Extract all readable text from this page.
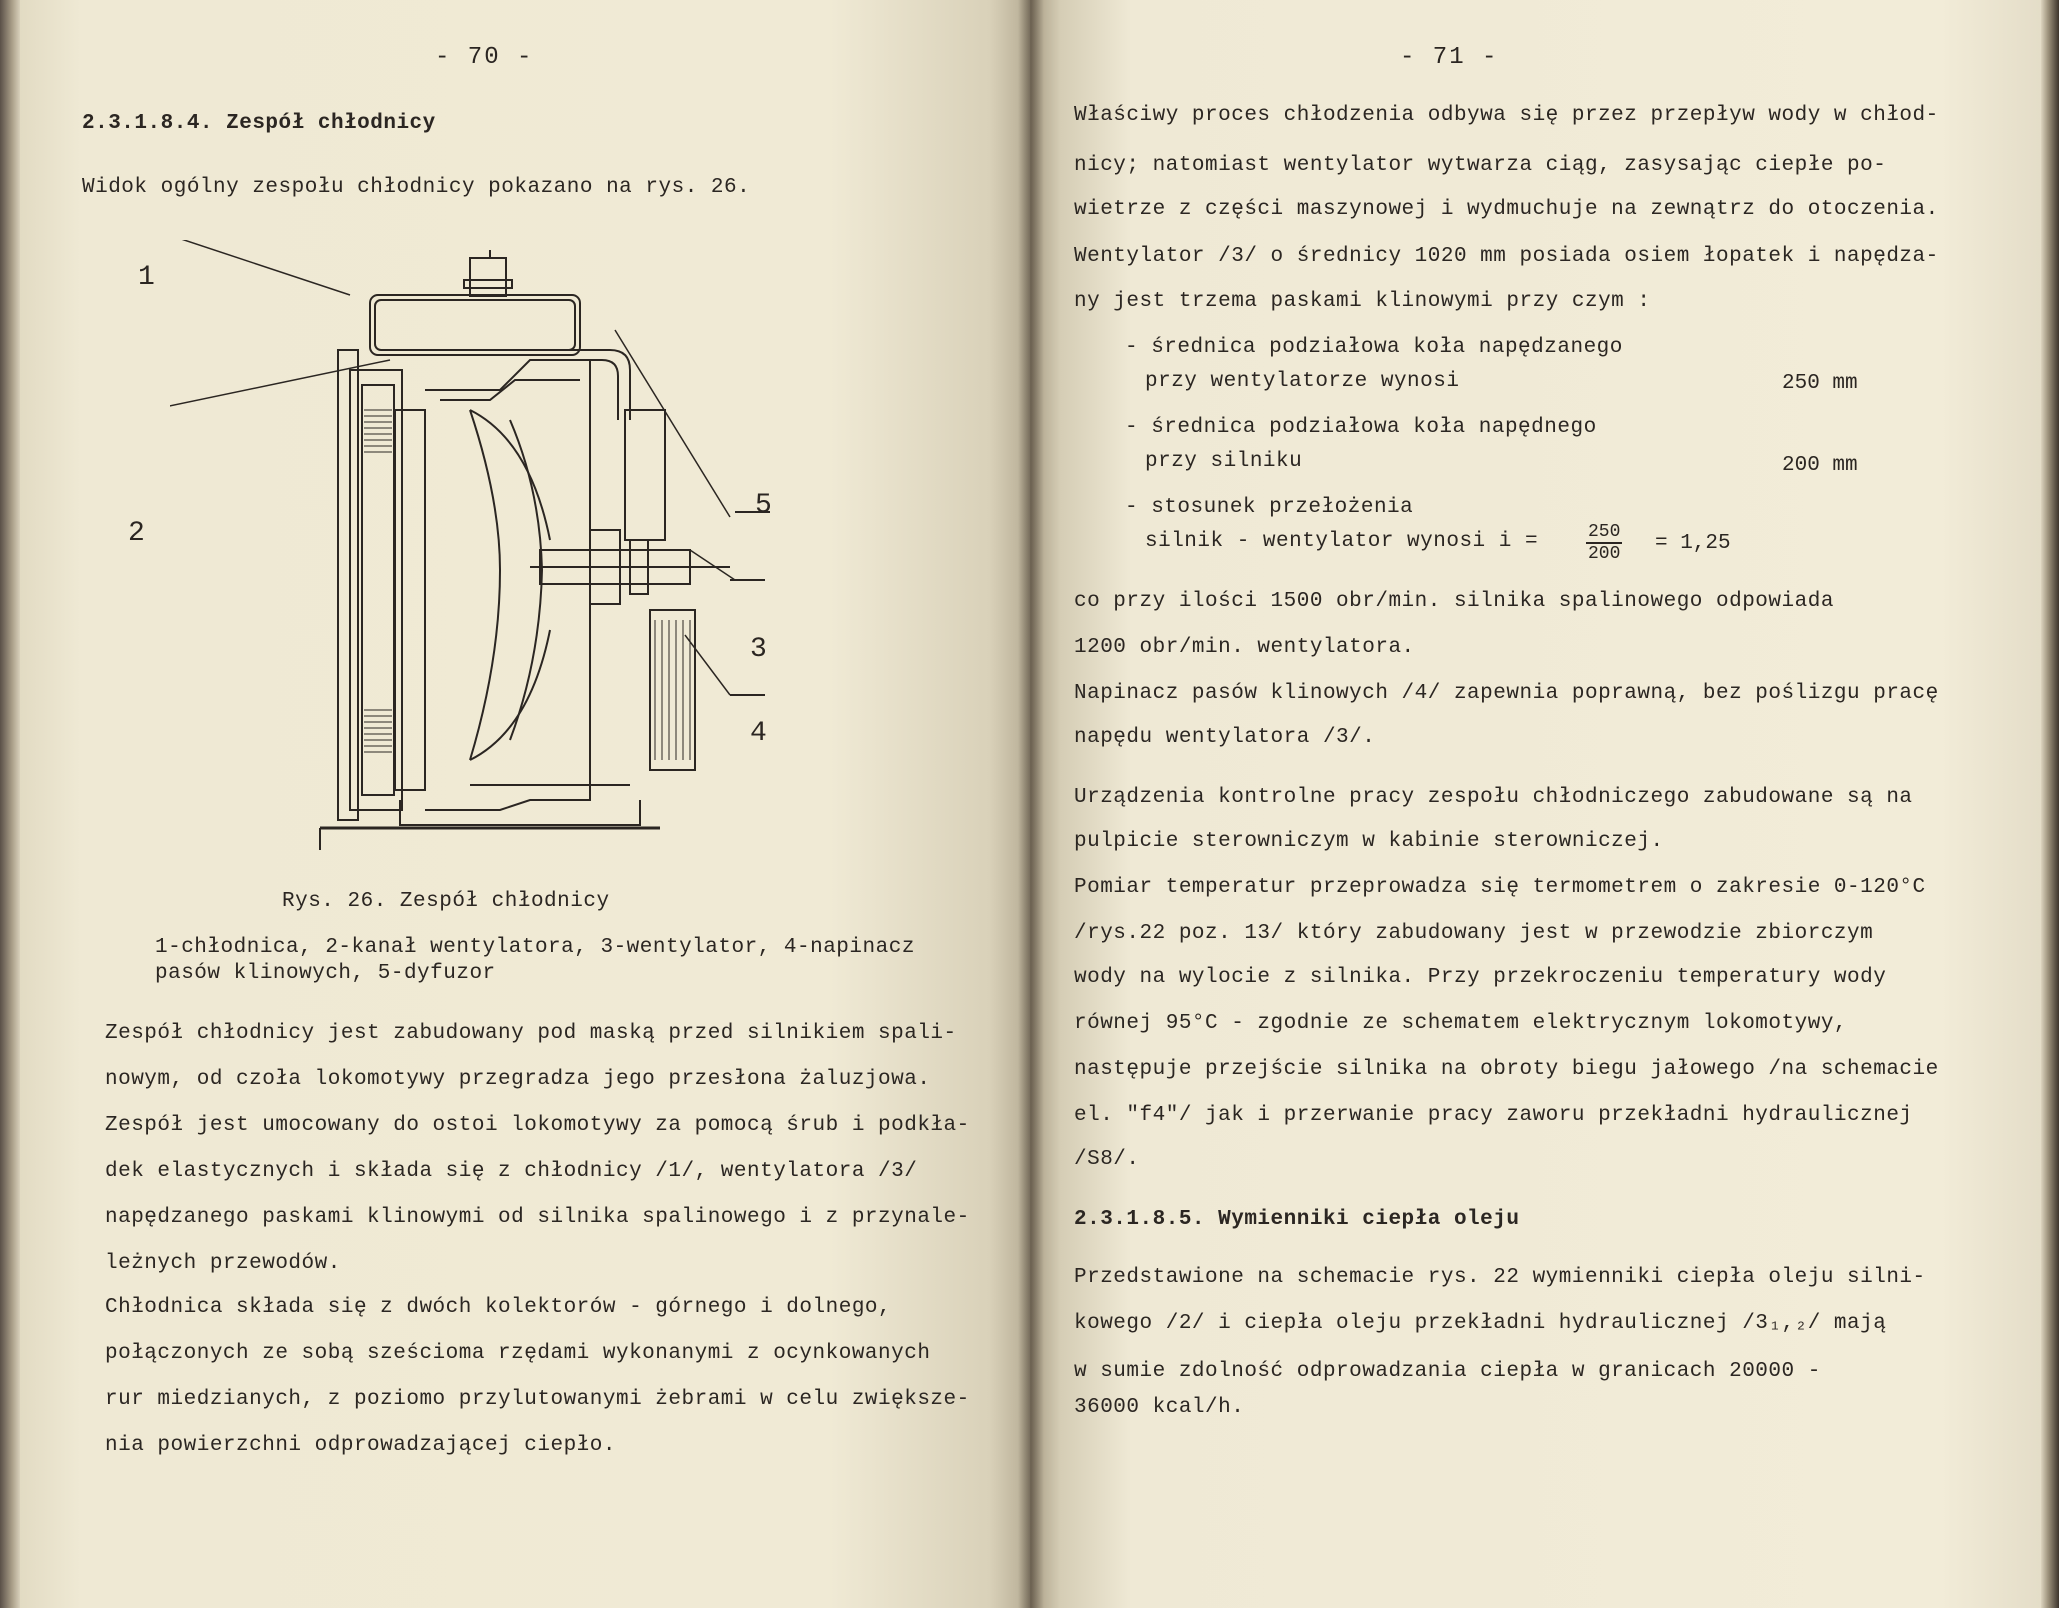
- 70 -
2.3.1.8.4. Zespół chłodnicy
Widok ogólny zespołu chłodnicy pokazano na rys. 26.
1
2
3
4
5
Rys. 26. Zespół chłodnicy
1-chłodnica, 2-kanał wentylatora, 3-wentylator, 4-napinacz
pasów klinowych, 5-dyfuzor
Zespół chłodnicy jest zabudowany pod maską przed silnikiem spali-
nowym, od czoła lokomotywy przegradza jego przesłona żaluzjowa.
Zespół jest umocowany do ostoi lokomotywy za pomocą śrub i podkła-
dek elastycznych i składa się z chłodnicy /1/, wentylatora /3/
napędzanego paskami klinowymi od silnika spalinowego i z przynale-
leżnych przewodów.
Chłodnica składa się z dwóch kolektorów - górnego i dolnego,
połączonych ze sobą sześcioma rzędami wykonanymi z ocynkowanych
rur miedzianych, z poziomo przylutowanymi żebrami w celu zwiększe-
nia powierzchni odprowadzającej ciepło.
- 71 -
Właściwy proces chłodzenia odbywa się przez przepływ wody w chłod-
nicy; natomiast wentylator wytwarza ciąg, zasysając ciepłe po-
wietrze z części maszynowej i wydmuchuje na zewnątrz do otoczenia.
Wentylator /3/ o średnicy 1020 mm posiada osiem łopatek i napędza-
ny jest trzema paskami klinowymi przy czym :
- średnica podziałowa koła napędzanego
przy wentylatorze wynosi	250 mm
- średnica podziałowa koła napędnego
przy silniku	200 mm
- stosunek przełożenia
silnik - wentylator wynosi i =	$\frac{250}{200} = 1,25$
co przy ilości 1500 obr/min. silnika spalinowego odpowiada
1200 obr/min. wentylatora.
Napinacz pasów klinowych /4/ zapewnia poprawną, bez poślizgu pracę
napędu wentylatora /3/.
Urządzenia kontrolne pracy zespołu chłodniczego zabudowane są na
pulpicie sterowniczym w kabinie sterowniczej.
Pomiar temperatur przeprowadza się termometrem o zakresie 0-120°C
/rys.22 poz. 13/ który zabudowany jest w przewodzie zbiorczym
wody na wylocie z silnika. Przy przekroczeniu temperatury wody
równej 95°C - zgodnie ze schematem elektrycznym lokomotywy,
następuje przejście silnika na obroty biegu jałowego /na schemacie
el. "f4"/ jak i przerwanie pracy zaworu przekładni hydraulicznej
/S8/.
2.3.1.8.5. Wymienniki ciepła oleju
Przedstawione na schemacie rys. 22 wymienniki ciepła oleju silni-
kowego /2/ i ciepła oleju przekładni hydraulicznej /3₁,₂/ mają
w sumie zdolność odprowadzania ciepła w granicach 20000 -
36000 kcal/h.
